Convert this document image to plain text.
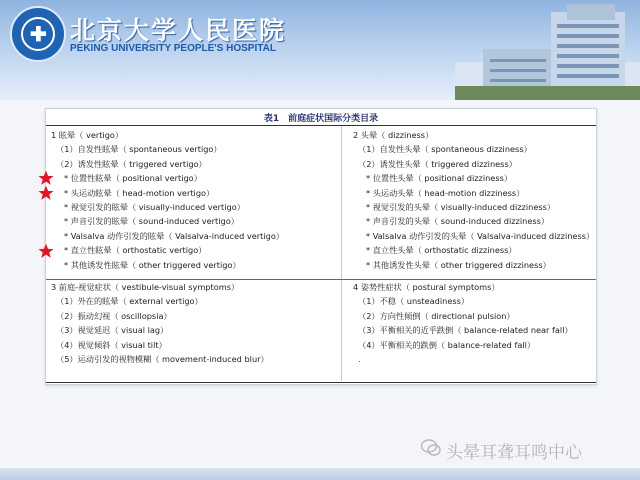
✚ 北京大学人民医院
PEKING UNIVERSITY PEOPLE'S HOSPITAL
表1　前庭症状国际分类目录
1 眩晕（ vertigo）
（1）自发性眩晕（ spontaneous vertigo）
（2）诱发性眩晕（ triggered vertigo）
* 位置性眩晕（ positional vertigo）
* 头运动眩晕（ head-motion vertigo）
* 视觉引发的眩晕（ visually-induced vertigo）
* 声音引发的眩晕（ sound-induced vertigo）
* Valsalva 动作引发的眩晕（ Valsalva-induced vertigo）
* 直立性眩晕（ orthostatic vertigo）
* 其他诱发性眩晕（ other triggered vertigo）
2 头晕（ dizziness）
（1）自发性头晕（ spontaneous dizziness）
（2）诱发性头晕（ triggered dizziness）
* 位置性头晕（ positional dizziness）
* 头运动头晕（ head-motion dizziness）
* 视觉引发的头晕（ visually-induced dizziness）
* 声音引发的头晕（ sound-induced dizziness）
* Valsalva 动作引发的头晕（ Valsalva-induced dizziness）
* 直立性头晕（ orthostatic dizziness）
* 其他诱发性头晕（ other triggered dizziness）
3 前庭-视觉症状（ vestibule-visual symptoms）
（1）外在的眩晕（ external vertigo）
（2）振动幻视（ oscillopsia）
（3）视觉延迟（ visual lag）
（4）视觉倾斜（ visual tilt）
（5）运动引发的视物模糊（ movement-induced blur）
4 姿势性症状（ postural symptoms）
（1）不稳（ unsteadiness）
（2）方向性倾倒（ directional pulsion）
（3）平衡相关的近乎跌倒（ balance-related near fall）
（4）平衡相关的跌倒（ balance-related fall）
.
头晕耳聋耳鸣中心
